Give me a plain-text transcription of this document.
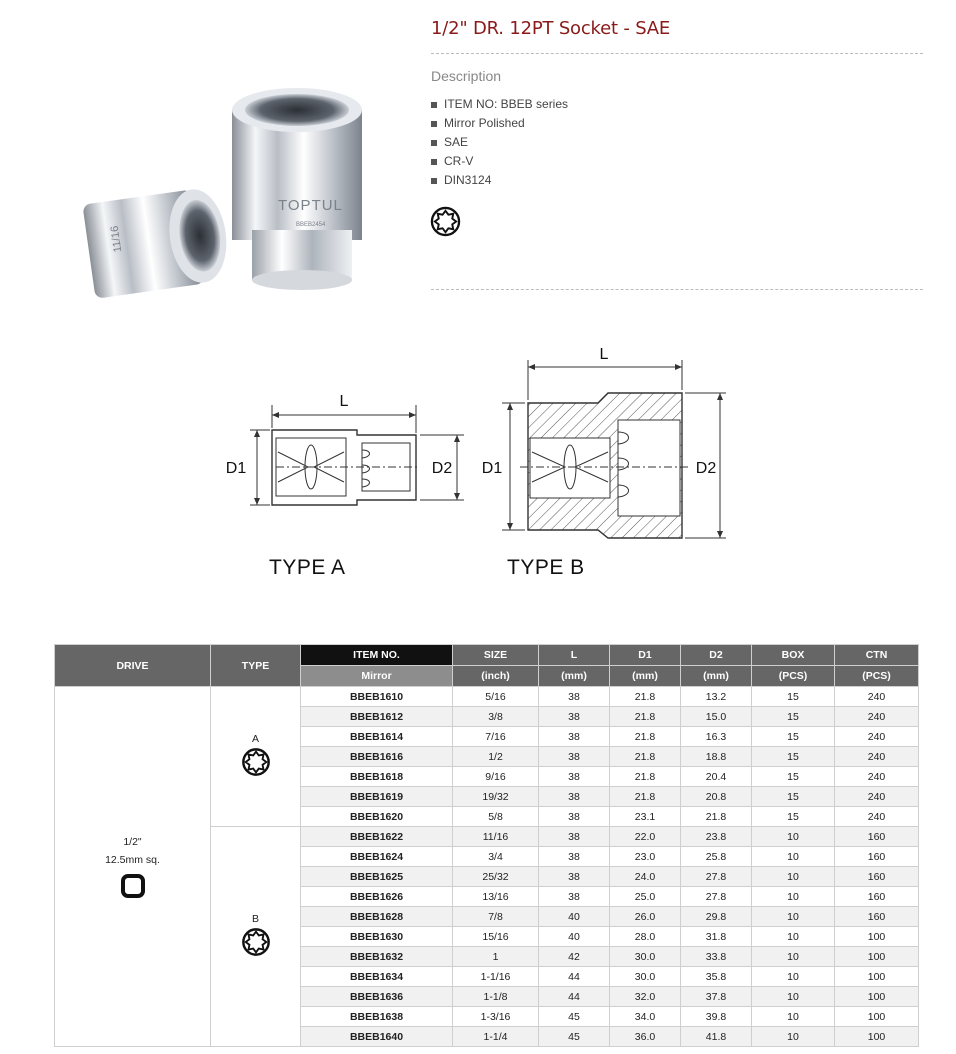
TOPTUL
BBEB2454
11/16
1/2" DR. 12PT Socket - SAE
Description
ITEM NO: BBEB series
Mirror Polished
SAE
CR-V
DIN3124
L
D1	D2
L
D1	D2
TYPE A	TYPE B
DRIVE	TYPE	ITEM NO.	SIZE	L	D1	D2	BOX	CTN
		Mirror	(inch)	(mm)	(mm)	(mm)	(PCS)	(PCS)

1/2"
12.5mm sq.	A	BBEB1610	5/16	38	21.8	13.2	15	240
		BBEB1612	3/8	38	21.8	15.0	15	240
		BBEB1614	7/16	38	21.8	16.3	15	240
		BBEB1616	1/2	38	21.8	18.8	15	240
		BBEB1618	9/16	38	21.8	20.4	15	240
		BBEB1619	19/32	38	21.8	20.8	15	240
		BBEB1620	5/8	38	23.1	21.8	15	240

	B	BBEB1622	11/16	38	22.0	23.8	10	160
		BBEB1624	3/4	38	23.0	25.8	10	160
		BBEB1625	25/32	38	24.0	27.8	10	160
		BBEB1626	13/16	38	25.0	27.8	10	160
		BBEB1628	7/8	40	26.0	29.8	10	160
		BBEB1630	15/16	40	28.0	31.8	10	100
		BBEB1632	1	42	30.0	33.8	10	100
		BBEB1634	1-1/16	44	30.0	35.8	10	100
		BBEB1636	1-1/8	44	32.0	37.8	10	100
		BBEB1638	1-3/16	45	34.0	39.8	10	100
		BBEB1640	1-1/4	45	36.0	41.8	10	100
